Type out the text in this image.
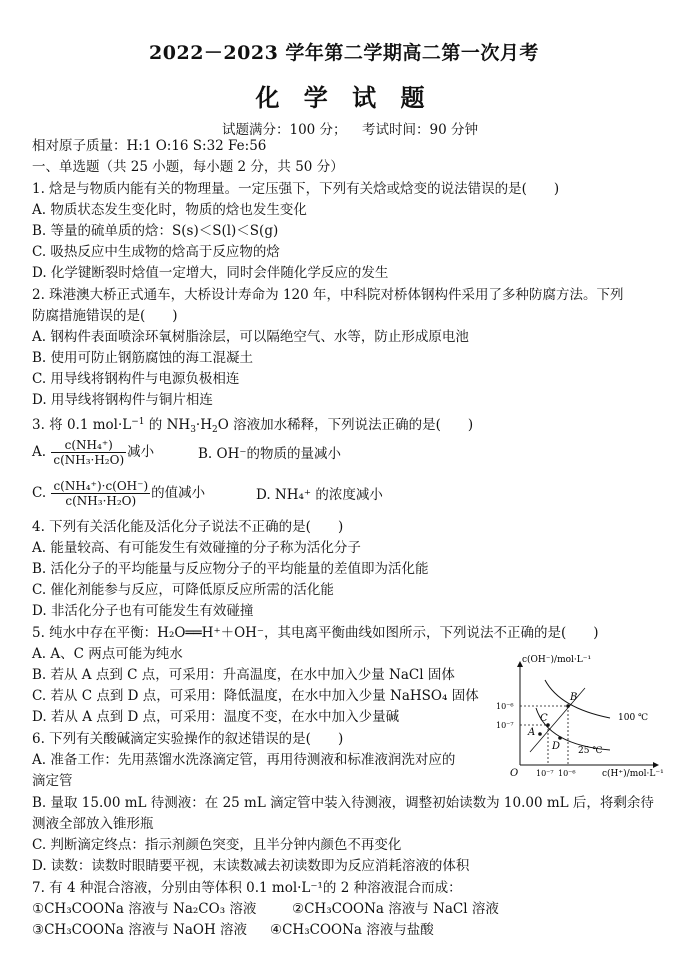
2022－2023 学年第二学期高二第一次月考
化 学 试 题
试题满分：100 分； 考试时间：90 分钟
相对原子质量：H:1 O:16 S:32 Fe:56
一、单选题（共 25 小题，每小题 2 分，共 50 分）
1. 焓是与物质内能有关的物理量。一定压强下，下列有关焓或焓变的说法错误的是(　　)
A. 物质状态发生变化时，物质的焓也发生变化
B. 等量的硫单质的焓：S(s)＜S(l)＜S(g)
C. 吸热反应中生成物的焓高于反应物的焓
D. 化学键断裂时焓值一定增大，同时会伴随化学反应的发生
2. 珠港澳大桥正式通车，大桥设计寿命为 120 年，中科院对桥体钢构件采用了多种防腐方法。下列
防腐措施错误的是(　　)
A. 钢构件表面喷涂环氧树脂涂层，可以隔绝空气、水等，防止形成原电池
B. 使用可防止钢筋腐蚀的海工混凝土
C. 用导线将钢构件与电源负极相连
D. 用导线将钢构件与铜片相连
3. 将 0.1 $mol\cdot L^{-1}$ 的 $NH_3\cdot H_2O$ 溶液加水稀释，下列说法正确的是(　　)
A. $\frac{\text{c(NH₄⁺)}}{\text{c(NH₃·H₂O)}}$ 减小	B. OH⁻的物质的量减小
C. $\frac{\text{c(NH₄⁺)·c(OH⁻)}}{\text{c(NH₃·H₂O)}}$ 的值减小	D. NH₄⁺ 的浓度减小
4. 下列有关活化能及活化分子说法不正确的是(　　)
A. 能量较高、有可能发生有效碰撞的分子称为活化分子
B. 活化分子的平均能量与反应物分子的平均能量的差值即为活化能
C. 催化剂能参与反应，可降低原反应所需的活化能
D. 非活化分子也有可能发生有效碰撞
5. 纯水中存在平衡：H₂O══H⁺＋OH⁻，其电离平衡曲线如图所示，下列说法不正确的是(　　)
A. A、C 两点可能为纯水
B. 若从 A 点到 C 点，可采用：升高温度，在水中加入少量 NaCl 固体
C. 若从 C 点到 D 点，可采用：降低温度，在水中加入少量 NaHSO₄ 固体
D. 若从 A 点到 D 点，可采用：温度不变，在水中加入少量碱
c(OH⁻)/mol·L⁻¹
c(H⁺)/mol·L⁻¹
O
10⁻⁶
10⁻⁷
10⁻⁷ 10⁻⁶
A
B
C
D
100 ℃
25 ℃
6. 下列有关酸碱滴定实验操作的叙述错误的是(　　)
A. 准备工作：先用蒸馏水洗涤滴定管，再用待测液和标准液润洗对应的
滴定管
B. 量取 15.00 mL 待测液：在 25 mL 滴定管中装入待测液，调整初始读数为 10.00 mL 后，将剩余待
测液全部放入锥形瓶
C. 判断滴定终点：指示剂颜色突变，且半分钟内颜色不再变化
D. 读数：读数时眼睛要平视，末读数减去初读数即为反应消耗溶液的体积
7. 有 4 种混合溶液，分别由等体积 0.1 mol·L⁻¹的 2 种溶液混合而成：
①CH₃COONa 溶液与 Na₂CO₃ 溶液	②CH₃COONa 溶液与 NaCl 溶液
③CH₃COONa 溶液与 NaOH 溶液 ④CH₃COONa 溶液与盐酸
